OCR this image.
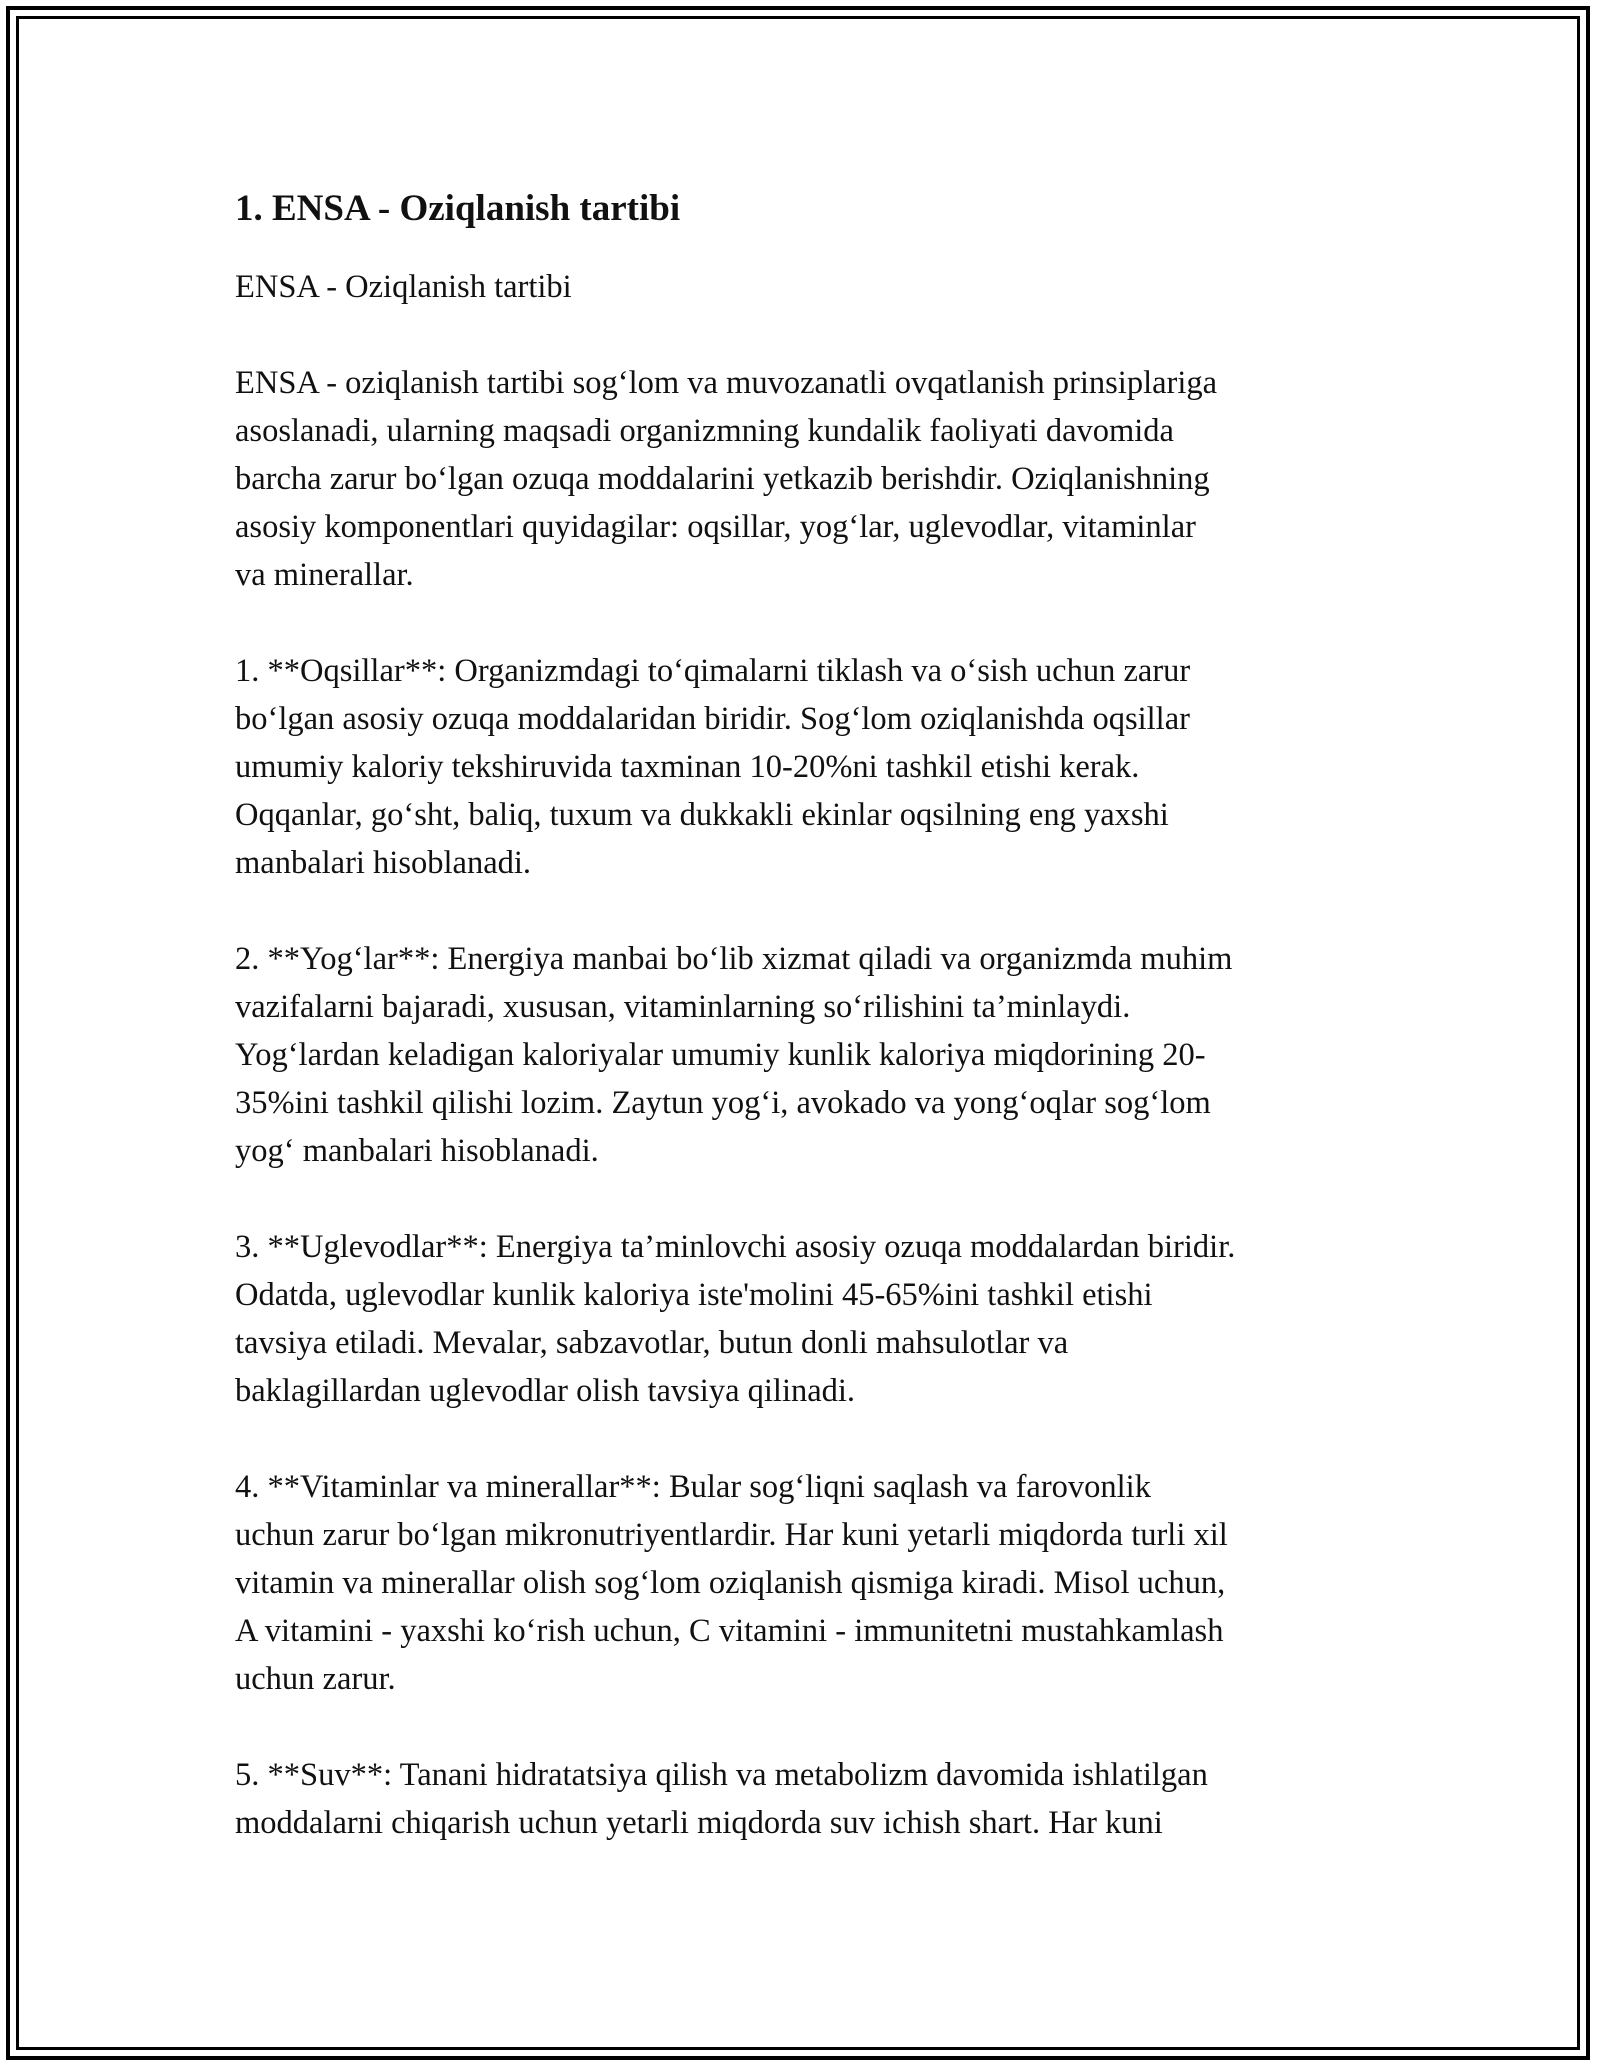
1. ENSA - Oziqlanish tartibi

ENSA - Oziqlanish tartibi

ENSA - oziqlanish tartibi sog‘lom va muvozanatli ovqatlanish prinsiplariga
asoslanadi, ularning maqsadi organizmning kundalik faoliyati davomida
barcha zarur bo‘lgan ozuqa moddalarini yetkazib berishdir. Oziqlanishning
asosiy komponentlari quyidagilar: oqsillar, yog‘lar, uglevodlar, vitaminlar
va minerallar.

1. **Oqsillar**: Organizmdagi to‘qimalarni tiklash va o‘sish uchun zarur
bo‘lgan asosiy ozuqa moddalaridan biridir. Sog‘lom oziqlanishda oqsillar
umumiy kaloriy tekshiruvida taxminan 10-20%ni tashkil etishi kerak.
Oqqanlar, go‘sht, baliq, tuxum va dukkakli ekinlar oqsilning eng yaxshi
manbalari hisoblanadi.

2. **Yog‘lar**: Energiya manbai bo‘lib xizmat qiladi va organizmda muhim
vazifalarni bajaradi, xususan, vitaminlarning so‘rilishini ta’minlaydi.
Yog‘lardan keladigan kaloriyalar umumiy kunlik kaloriya miqdorining 20-
35%ini tashkil qilishi lozim. Zaytun yog‘i, avokado va yong‘oqlar sog‘lom
yog‘ manbalari hisoblanadi.

3. **Uglevodlar**: Energiya ta’minlovchi asosiy ozuqa moddalardan biridir.
Odatda, uglevodlar kunlik kaloriya iste'molini 45-65%ini tashkil etishi
tavsiya etiladi. Mevalar, sabzavotlar, butun donli mahsulotlar va
baklagillardan uglevodlar olish tavsiya qilinadi.

4. **Vitaminlar va minerallar**: Bular sog‘liqni saqlash va farovonlik
uchun zarur bo‘lgan mikronutriyentlardir. Har kuni yetarli miqdorda turli xil
vitamin va minerallar olish sog‘lom oziqlanish qismiga kiradi. Misol uchun,
A vitamini - yaxshi ko‘rish uchun, C vitamini - immunitetni mustahkamlash
uchun zarur.

5. **Suv**: Tanani hidratatsiya qilish va metabolizm davomida ishlatilgan
moddalarni chiqarish uchun yetarli miqdorda suv ichish shart. Har kuni
